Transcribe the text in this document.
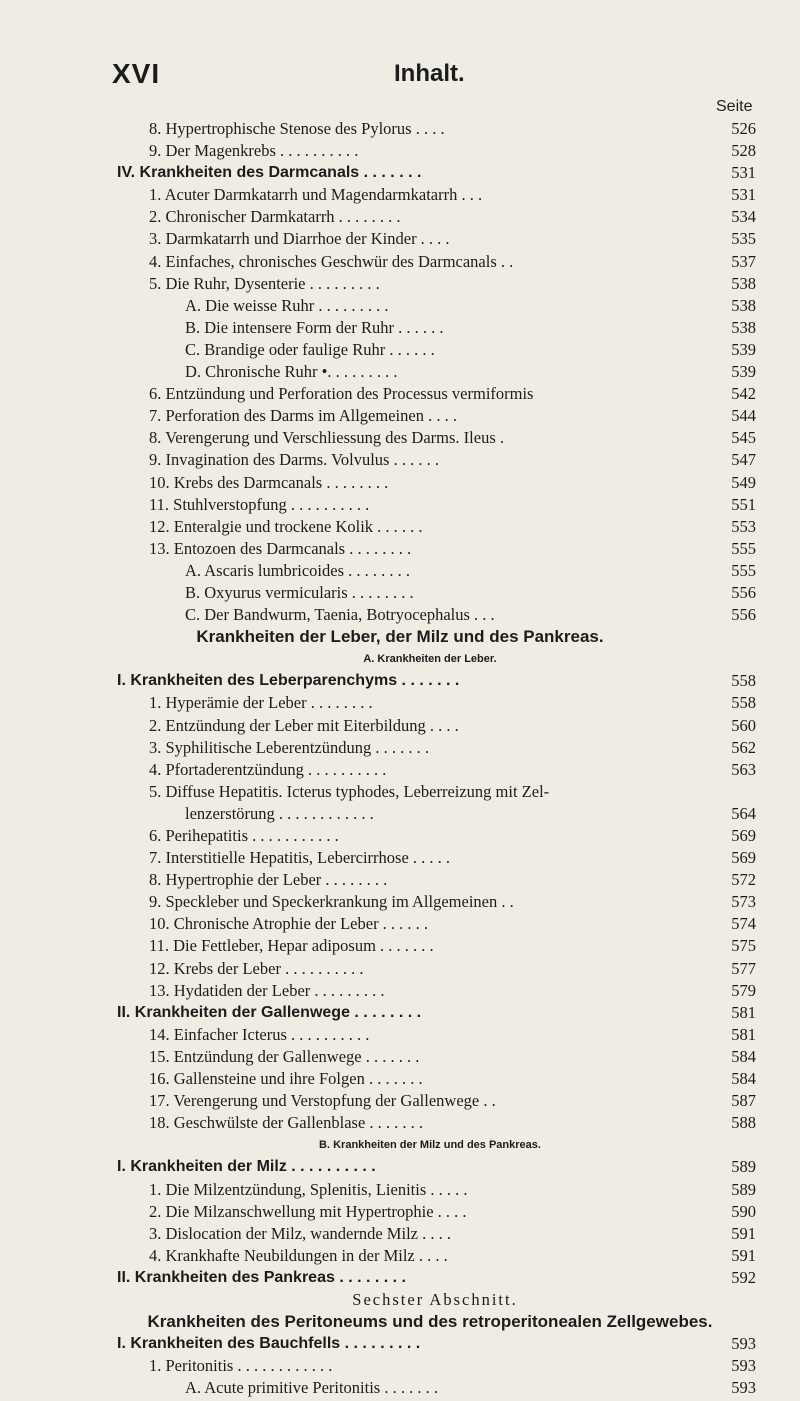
XVI	Inhalt.
Seite
8. Hypertrophische Stenose des Pylorus . . . .	526
9. Der Magenkrebs . . . . . . . . . .	528
IV. Krankheiten des Darmcanals . . . . . . .	531
1. Acuter Darmkatarrh und Magendarmkatarrh . . .	531
2. Chronischer Darmkatarrh . . . . . . . .	534
3. Darmkatarrh und Diarrhoe der Kinder . . . .	535
4. Einfaches, chronisches Geschwür des Darmcanals . .	537
5. Die Ruhr, Dysenterie . . . . . . . . .	538
A. Die weisse Ruhr . . . . . . . . .	538
B. Die intensere Form der Ruhr . . . . . .	538
C. Brandige oder faulige Ruhr . . . . . .	539
D. Chronische Ruhr •. . . . . . . . .	539
6. Entzündung und Perforation des Processus vermiformis	542
7. Perforation des Darms im Allgemeinen . . . .	544
8. Verengerung und Verschliessung des Darms. Ileus .	545
9. Invagination des Darms. Volvulus . . . . . .	547
10. Krebs des Darmcanals . . . . . . . .	549
11. Stuhlverstopfung . . . . . . . . . .	551
12. Enteralgie und trockene Kolik . . . . . .	553
13. Entozoen des Darmcanals . . . . . . . .	555
A. Ascaris lumbricoides . . . . . . . .	555
B. Oxyurus vermicularis . . . . . . . .	556
C. Der Bandwurm, Taenia, Botryocephalus . . .	556
Krankheiten der Leber, der Milz und des Pankreas.
A. Krankheiten der Leber.
I. Krankheiten des Leberparenchyms . . . . . . .	558
1. Hyperämie der Leber . . . . . . . .	558
2. Entzündung der Leber mit Eiterbildung . . . .	560
3. Syphilitische Leberentzündung . . . . . . .	562
4. Pfortaderentzündung . . . . . . . . . .	563
5. Diffuse Hepatitis. Icterus typhodes, Leberreizung mit Zel-
lenzerstörung . . . . . . . . . . . .	564
6. Perihepatitis . . . . . . . . . . .	569
7. Interstitielle Hepatitis, Lebercirrhose . . . . .	569
8. Hypertrophie der Leber . . . . . . . .	572
9. Speckleber und Speckerkrankung im Allgemeinen . .	573
10. Chronische Atrophie der Leber . . . . . .	574
11. Die Fettleber, Hepar adiposum . . . . . . .	575
12. Krebs der Leber . . . . . . . . . .	577
13. Hydatiden der Leber . . . . . . . . .	579
II. Krankheiten der Gallenwege . . . . . . . .	581
14. Einfacher Icterus . . . . . . . . . .	581
15. Entzündung der Gallenwege . . . . . . .	584
16. Gallensteine und ihre Folgen . . . . . . .	584
17. Verengerung und Verstopfung der Gallenwege . .	587
18. Geschwülste der Gallenblase . . . . . . .	588
B. Krankheiten der Milz und des Pankreas.
I. Krankheiten der Milz . . . . . . . . . .	589
1. Die Milzentzündung, Splenitis, Lienitis . . . . .	589
2. Die Milzanschwellung mit Hypertrophie . . . .	590
3. Dislocation der Milz, wandernde Milz . . . .	591
4. Krankhafte Neubildungen in der Milz . . . .	591
II. Krankheiten des Pankreas . . . . . . . .	592
Sechster Abschnitt.
Krankheiten des Peritoneums und des retroperitonealen Zellgewebes.
I. Krankheiten des Bauchfells . . . . . . . . .	593
1. Peritonitis . . . . . . . . . . . .	593
A. Acute primitive Peritonitis . . . . . . .	593
